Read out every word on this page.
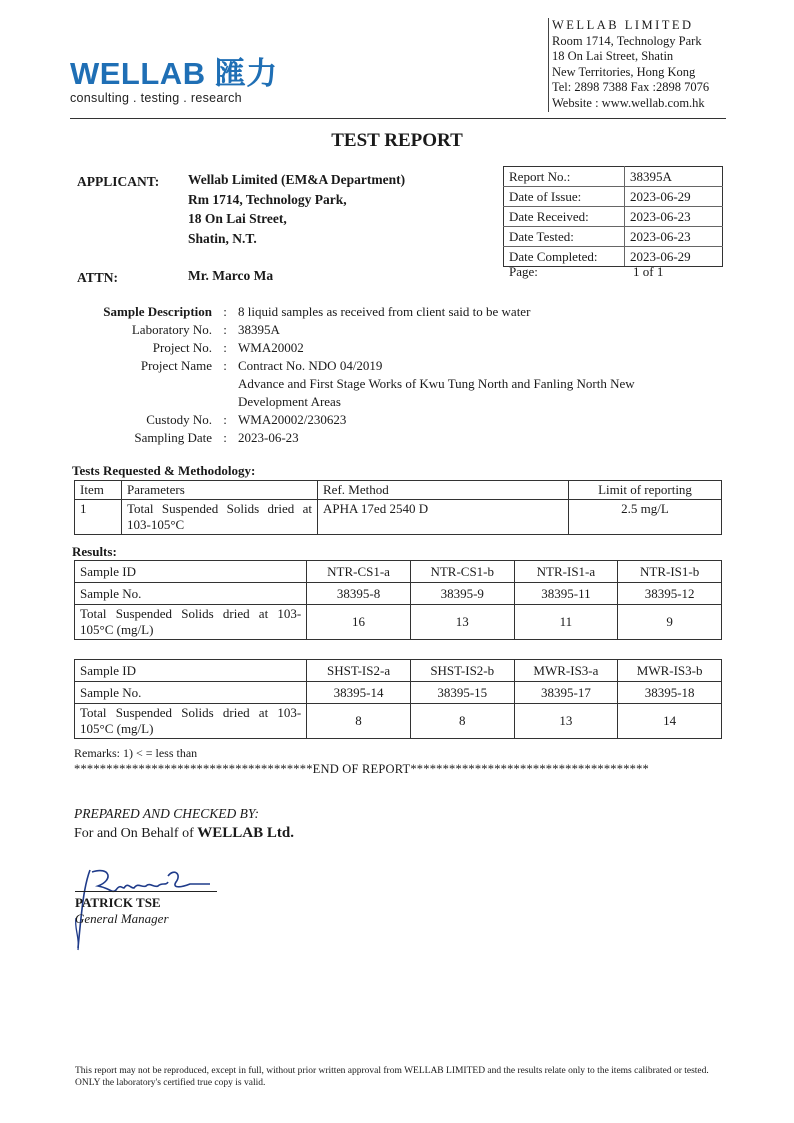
WELLAB 匯力
consulting . testing . research
WELLAB LIMITED
Room 1714, Technology Park
18 On Lai Street, Shatin
New Territories, Hong Kong
Tel: 2898 7388 Fax :2898 7076
Website : www.wellab.com.hk
TEST REPORT
APPLICANT: Wellab Limited (EM&A Department)
Rm 1714, Technology Park,
18 On Lai Street,
Shatin, N.T.
ATTN:	Mr. Marco Ma
Report No.:	38395A
Date of Issue:	2023-06-29
Date Received:	2023-06-23
Date Tested:	2023-06-23
Date Completed:	2023-06-29
Page:	1 of 1
Sample Description : 8 liquid samples as received from client said to be water
Laboratory No. : 38395A
Project No. : WMA20002
Project Name : Contract No. NDO 04/2019
Advance and First Stage Works of Kwu Tung North and Fanling North New
Development Areas
Custody No. : WMA20002/230623
Sampling Date : 2023-06-23
Tests Requested & Methodology:
Item	Parameters	Ref. Method	Limit of reporting
1	Total Suspended Solids dried at 103-105°C	APHA 17ed 2540 D	2.5 mg/L
Results:
Sample ID	NTR-CS1-a	NTR-CS1-b	NTR-IS1-a	NTR-IS1-b
Sample No.	38395-8	38395-9	38395-11	38395-12
Total Suspended Solids dried at 103-105°C (mg/L)	16	13	11	9
Sample ID	SHST-IS2-a	SHST-IS2-b	MWR-IS3-a	MWR-IS3-b
Sample No.	38395-14	38395-15	38395-17	38395-18
Total Suspended Solids dried at 103-105°C (mg/L)	8	8	13	14
Remarks: 1) < = less than
*************************************END OF REPORT*************************************
PREPARED AND CHECKED BY:
For and On Behalf of WELLAB Ltd.
PATRICK TSE
General Manager
This report may not be reproduced, except in full, without prior written approval from WELLAB LIMITED and the results relate only to the items calibrated or tested. ONLY the laboratory's certified true copy is valid.
